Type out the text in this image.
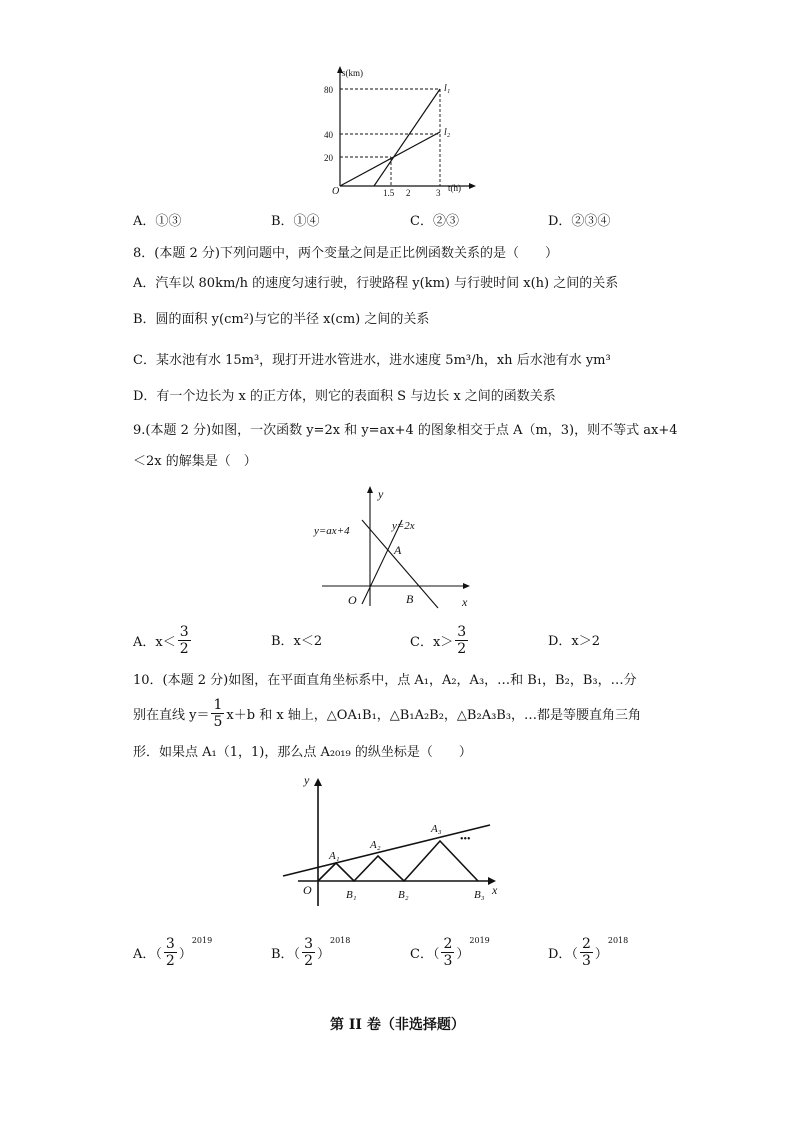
s(km)
t(h)
80
40
20
1.5 2	3
O
l₁
l₂
A．①③	B．①④	C．②③	D．②③④
8．(本题 2 分)下列问题中，两个变量之间是正比例函数关系的是（　　）
A．汽车以 80km/h 的速度匀速行驶，行驶路程 y(km) 与行驶时间 x(h) 之间的关系
B．圆的面积 y(cm²)与它的半径 x(cm) 之间的关系
C．某水池有水 15m³，现打开进水管进水，进水速度 5m³/h，xh 后水池有水 ym³
D．有一个边长为 x 的正方体，则它的表面积 S 与边长 x 之间的函数关系
9.(本题 2 分)如图，一次函数 y=2x 和 y=ax+4 的图象相交于点 A（m，3)，则不等式 ax+4
＜2x 的解集是（　）
y
x
O
A
B
y=ax+4	y=2x
A．$x< \frac{3}{2}$	B．x＜2	C．$x> \frac{3}{2}$	D．x＞2
10．(本题 2 分)如图，在平面直角坐标系中，点 A₁，A₂，A₃，…和 B₁，B₂，B₃，…分
别在直线 $y= \frac{1}{5} x+b$ 和 x 轴上，△OA₁B₁，△B₁A₂B₂，△B₂A₃B₃，…都是等腰直角三角
形．如果点 A₁（1，1)，那么点 A₂₀₁₉ 的纵坐标是（　　）
y
x
O
A₁
A₂
A₃
B₁	B₂	B₃
•••
A．（ $\frac{3}{2} )^{2019}$
B．（ $\frac{3}{2} )^{2018}$
C．（ $\frac{2}{3} )^{2019}$
D．（ $\frac{2}{3} )^{2018}$
第 II 卷（非选择题）
